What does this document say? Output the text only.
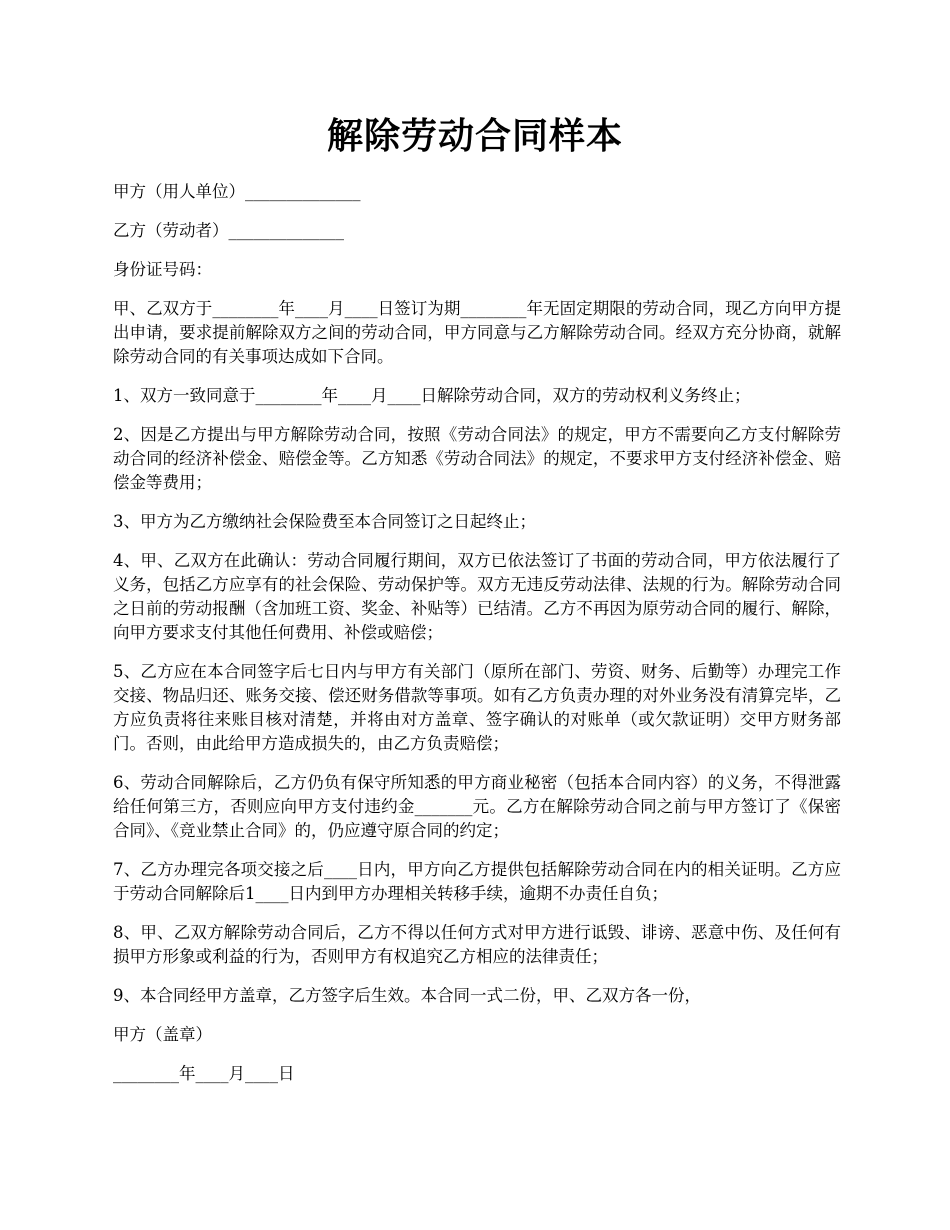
解除劳动合同样本

甲方（用人单位）______________

乙方（劳动者）______________

身份证号码：

甲、乙双方于________年____月____日签订为期________年无固定期限的劳动合同，现乙方向甲方提出申请，要求提前解除双方之间的劳动合同，甲方同意与乙方解除劳动合同。经双方充分协商，就解除劳动合同的有关事项达成如下合同。

1、双方一致同意于________年____月____日解除劳动合同，双方的劳动权利义务终止；

2、因是乙方提出与甲方解除劳动合同，按照《劳动合同法》的规定，甲方不需要向乙方支付解除劳动合同的经济补偿金、赔偿金等。乙方知悉《劳动合同法》的规定，不要求甲方支付经济补偿金、赔偿金等费用；

3、甲方为乙方缴纳社会保险费至本合同签订之日起终止；

4、甲、乙双方在此确认：劳动合同履行期间，双方已依法签订了书面的劳动合同，甲方依法履行了义务，包括乙方应享有的社会保险、劳动保护等。双方无违反劳动法律、法规的行为。解除劳动合同之日前的劳动报酬（含加班工资、奖金、补贴等）已结清。乙方不再因为原劳动合同的履行、解除，向甲方要求支付其他任何费用、补偿或赔偿；

5、乙方应在本合同签字后七日内与甲方有关部门（原所在部门、劳资、财务、后勤等）办理完工作交接、物品归还、账务交接、偿还财务借款等事项。如有乙方负责办理的对外业务没有清算完毕，乙方应负责将往来账目核对清楚，并将由对方盖章、签字确认的对账单（或欠款证明）交甲方财务部门。否则，由此给甲方造成损失的，由乙方负责赔偿；

6、劳动合同解除后，乙方仍负有保守所知悉的甲方商业秘密（包括本合同内容）的义务，不得泄露给任何第三方，否则应向甲方支付违约金_______元。乙方在解除劳动合同之前与甲方签订了《保密合同》、《竞业禁止合同》的，仍应遵守原合同的约定；

7、乙方办理完各项交接之后____日内，甲方向乙方提供包括解除劳动合同在内的相关证明。乙方应于劳动合同解除后1____日内到甲方办理相关转移手续，逾期不办责任自负；

8、甲、乙双方解除劳动合同后，乙方不得以任何方式对甲方进行诋毁、诽谤、恶意中伤、及任何有损甲方形象或利益的行为，否则甲方有权追究乙方相应的法律责任；

9、本合同经甲方盖章，乙方签字后生效。本合同一式二份，甲、乙双方各一份，

甲方（盖章）

________年____月____日
